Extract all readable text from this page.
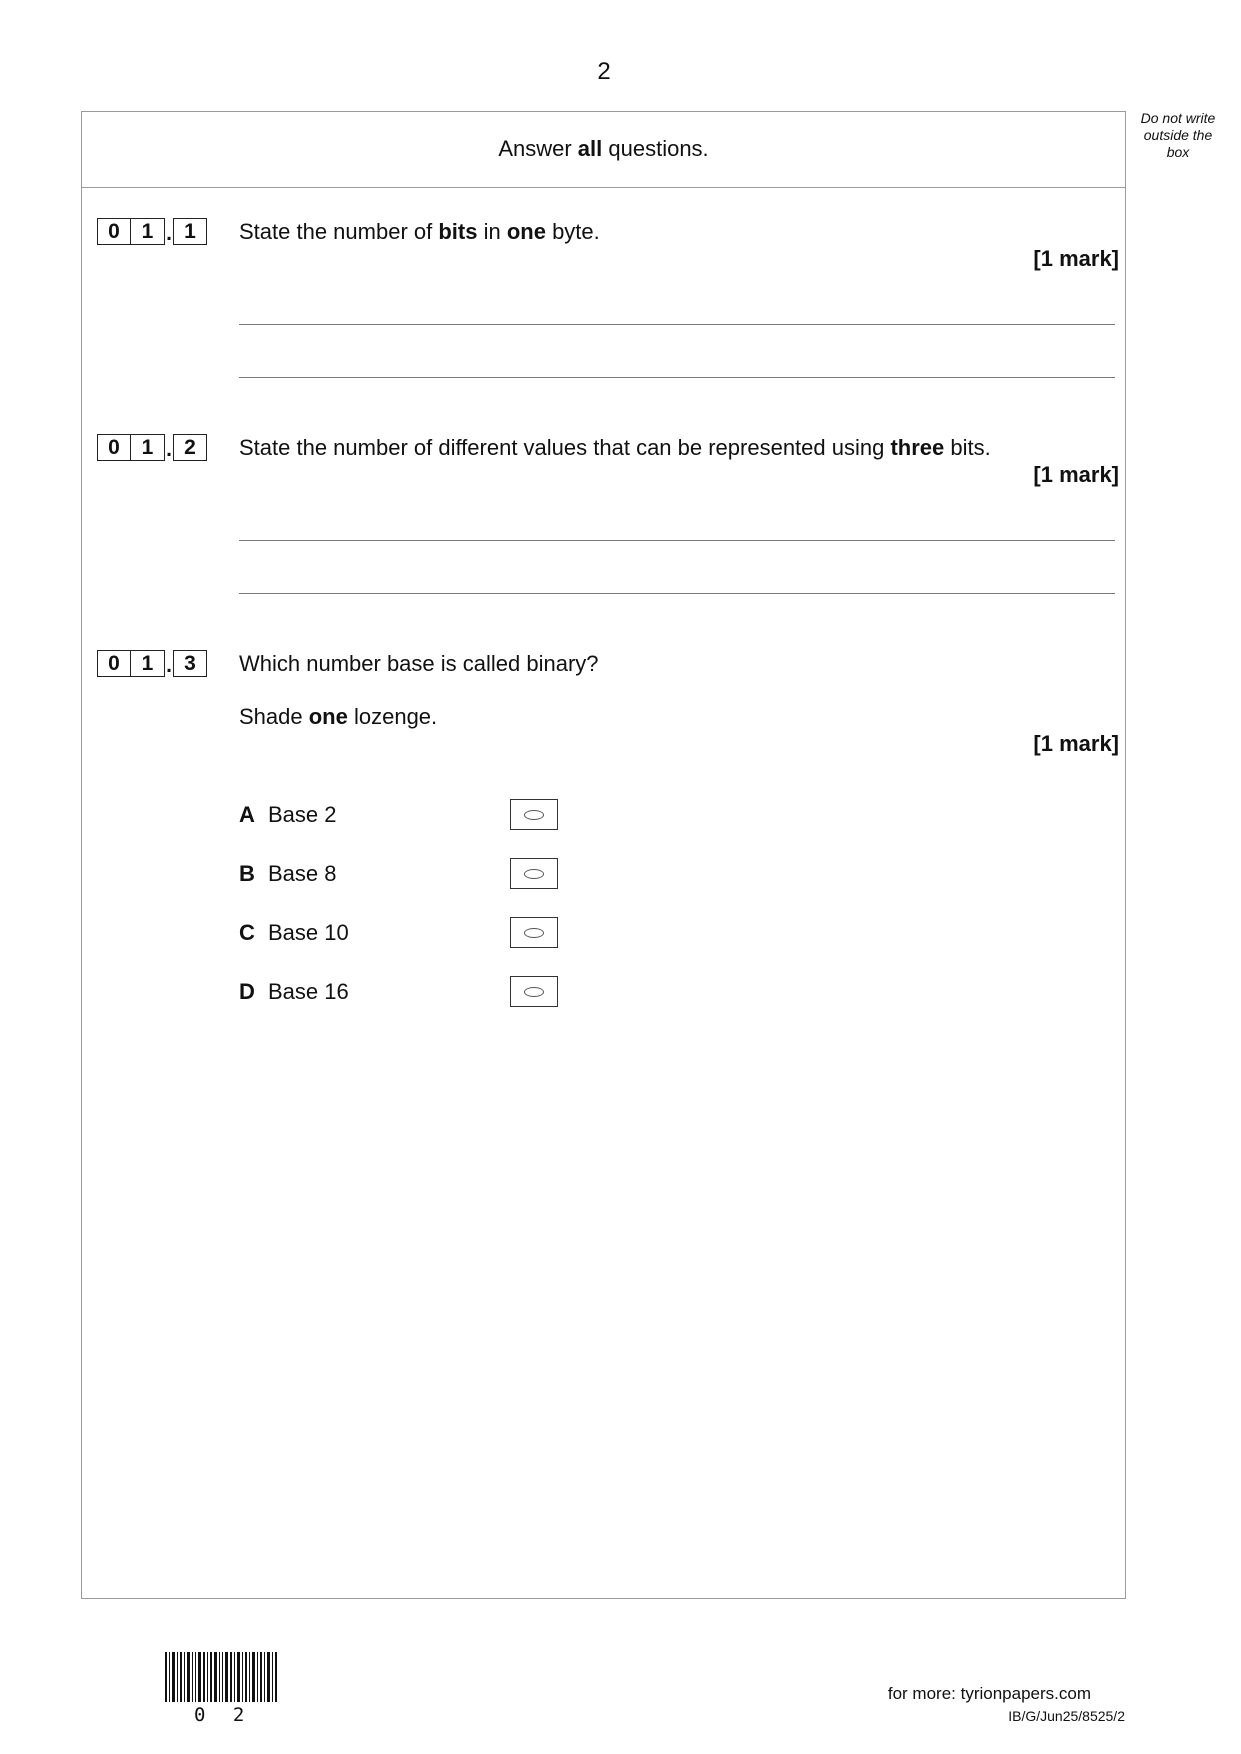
2
Do not write
outside the
box
Answer all questions.
0	1 . 1	State the number of bits in one byte.
[1 mark]
0	1 . 2	State the number of different values that can be represented using three bits.
[1 mark]
0	1 . 3	Which number base is called binary?
Shade one lozenge.
[1 mark]
A Base 2
B Base 8
C Base 10
D Base 16
0 2
for more: tyrionpapers.com
IB/G/Jun25/8525/2
